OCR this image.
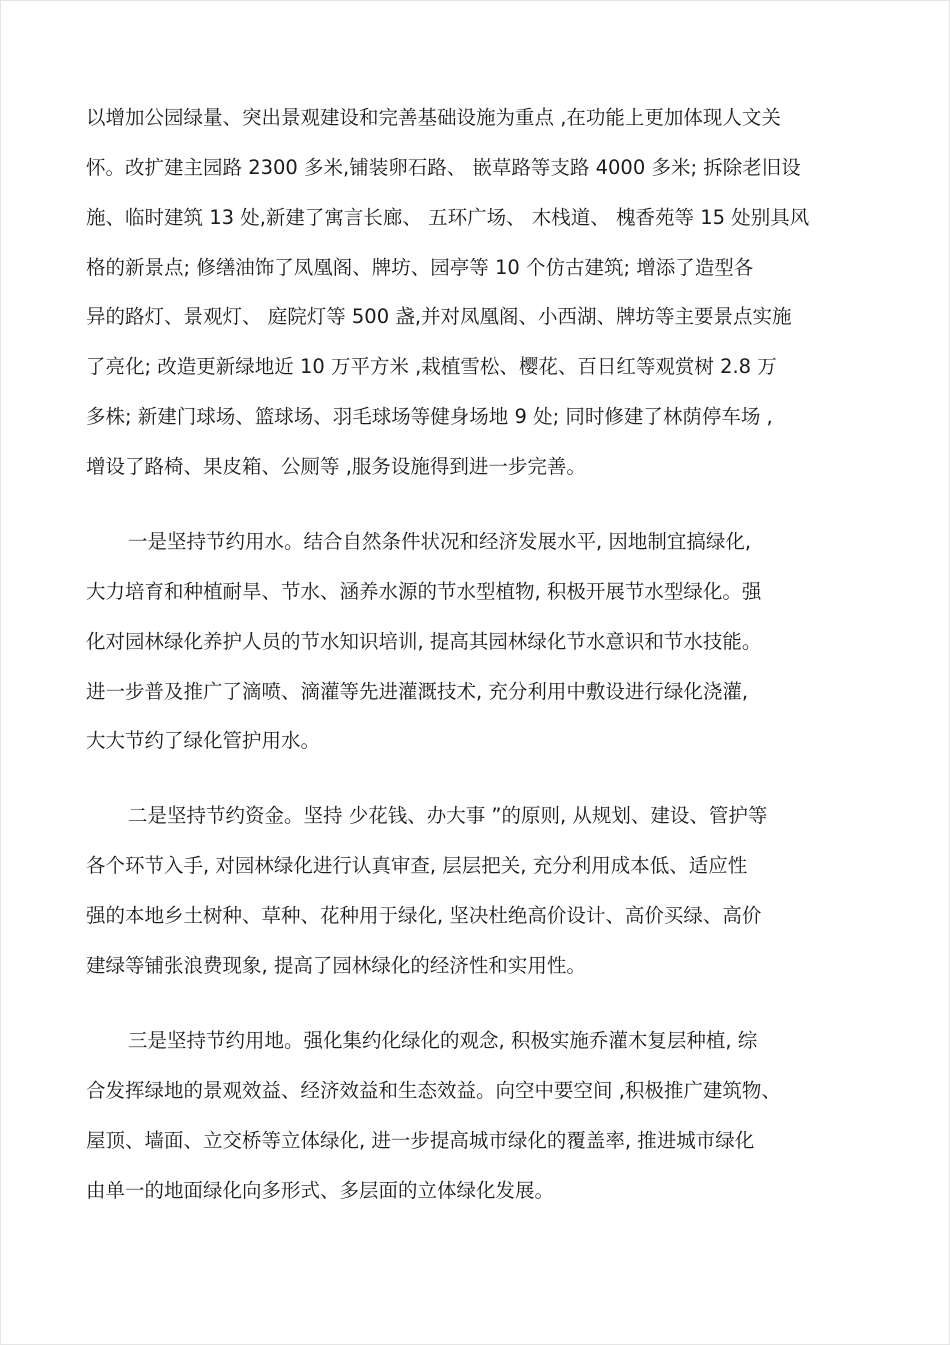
以增加公园绿量、突出景观建设和完善基础设施为重点 ,在功能上更加体现人文关
怀。改扩建主园路 2300 多米,铺装卵石路、 嵌草路等支路 4000 多米; 拆除老旧设
施、临时建筑 13 处,新建了寓言长廊、 五环广场、 木栈道、 槐香苑等 15 处别具风
格的新景点; 修缮油饰了凤凰阁、牌坊、园亭等 10 个仿古建筑; 增添了造型各
异的路灯、景观灯、 庭院灯等 500 盏,并对凤凰阁、小西湖、牌坊等主要景点实施
了亮化; 改造更新绿地近 10 万平方米 ,栽植雪松、樱花、百日红等观赏树 2.8 万
多株; 新建门球场、篮球场、羽毛球场等健身场地 9 处; 同时修建了林荫停车场 ,
增设了路椅、果皮箱、公厕等 ,服务设施得到进一步完善。
一是坚持节约用水。结合自然条件状况和经济发展水平, 因地制宜搞绿化,
大力培育和种植耐旱、节水、涵养水源的节水型植物, 积极开展节水型绿化。强
化对园林绿化养护人员的节水知识培训, 提高其园林绿化节水意识和节水技能。
进一步普及推广了滴喷、滴灌等先进灌溉技术, 充分利用中敷设进行绿化浇灌,
大大节约了绿化管护用水。
二是坚持节约资金。坚持 少花钱、办大事 ”的原则, 从规划、建设、管护等
各个环节入手, 对园林绿化进行认真审查, 层层把关, 充分利用成本低、适应性
强的本地乡土树种、草种、花种用于绿化, 坚决杜绝高价设计、高价买绿、高价
建绿等铺张浪费现象, 提高了园林绿化的经济性和实用性。
三是坚持节约用地。强化集约化绿化的观念, 积极实施乔灌木复层种植, 综
合发挥绿地的景观效益、经济效益和生态效益。向空中要空间 ,积极推广建筑物、
屋顶、墙面、立交桥等立体绿化, 进一步提高城市绿化的覆盖率, 推进城市绿化
由单一的地面绿化向多形式、多层面的立体绿化发展。
